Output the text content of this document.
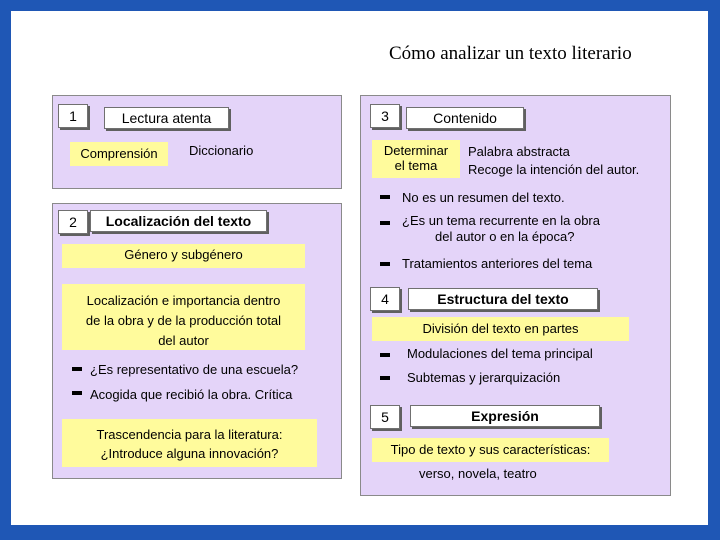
Cómo analizar un texto literario
1	Lectura atenta
Comprensión	Diccionario
2	Localización del texto
Género y subgénero
Localización e importancia dentro
de la obra y de la producción total
del autor
¿Es representativo de una escuela?
Acogida que recibió la obra. Crítica
Trascendencia para la literatura:
¿Introduce alguna innovación?
3	Contenido
Determinar
el tema
Palabra abstracta
Recoge la intención del autor.
No es un resumen del texto.
¿Es un tema recurrente en la obra
del autor o en la época?
Tratamientos anteriores del tema
4	Estructura del texto
División del texto en partes
Modulaciones del tema principal
Subtemas y jerarquización
5	Expresión
Tipo de texto y sus características:
verso, novela, teatro
